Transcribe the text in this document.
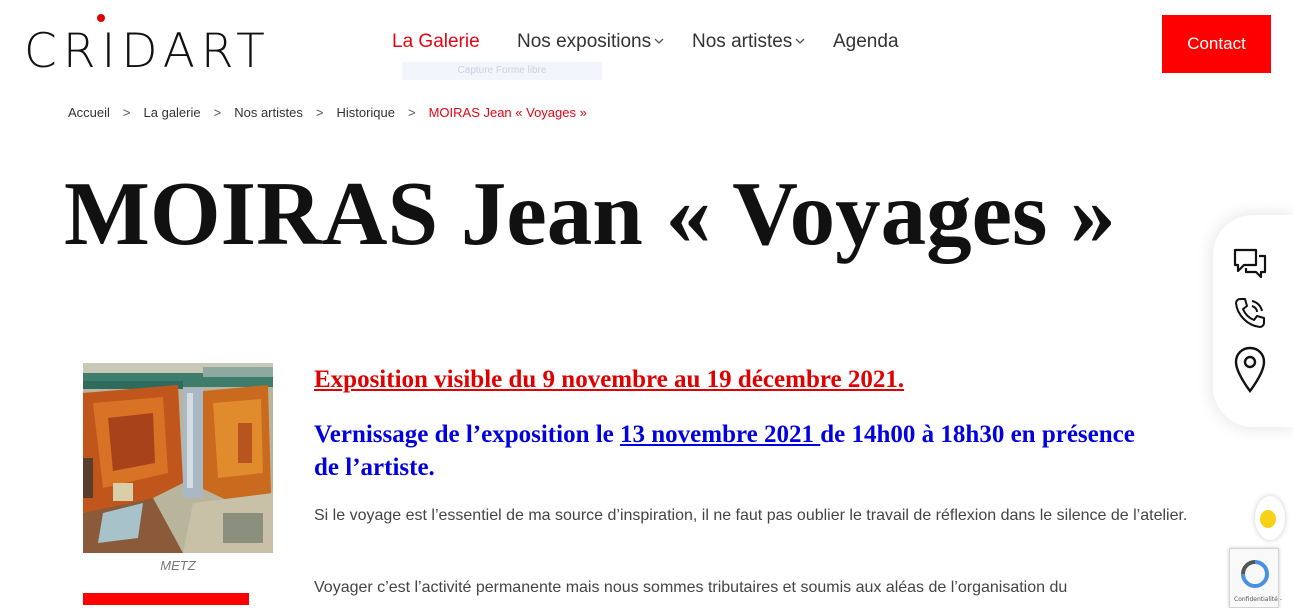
CRIDART	La Galerie Nos expositions	Nos artistes	Agenda
Capture Forme libre
Contact
Accueil > La galerie > Nos artistes > Historique > MOIRAS Jean « Voyages »
MOIRAS Jean « Voyages »
METZ
Exposition visible du 9 novembre au 19 décembre 2021.
Vernissage de l’exposition le 13 novembre 2021 de 14h00 à 18h30 en présence de l’artiste.

Si le voyage est l’essentiel de ma source d’inspiration, il ne faut pas oublier le travail de réflexion dans le silence de l’atelier.

Voyager c’est l’activité permanente mais nous sommes tributaires et soumis aux aléas de l’organisation du

Confidentialité -
